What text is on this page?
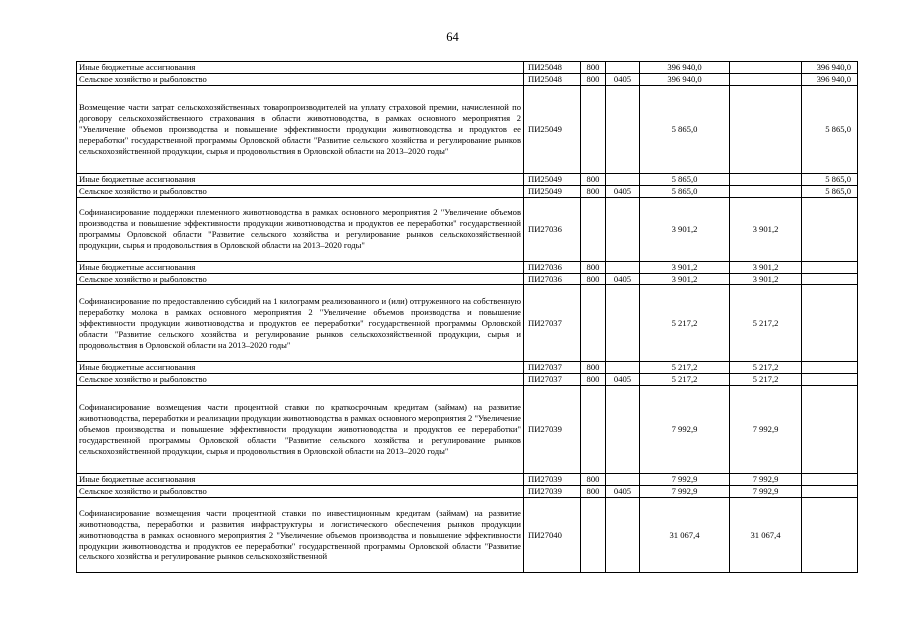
64
Иные бюджетные ассигнования	ПИ25048	800		396 940,0		396 940,0
Сельское хозяйство и рыболовство	ПИ25048	800	0405	396 940,0		396 940,0
Возмещение части затрат сельскохозяйственных товаропроизводителей на уплату страховой премии, начисленной по договору сельскохозяйственного страхования в области животноводства, в рамках основного мероприятия 2 "Увеличение объемов производства и повышение эффективности продукции животноводства и продуктов ее переработки" государственной программы Орловской области "Развитие сельского хозяйства и регулирование рынков сельскохозяйственной продукции, сырья и продовольствия в Орловской области на 2013–2020 годы"	ПИ25049			5 865,0		5 865,0
Иные бюджетные ассигнования	ПИ25049	800		5 865,0		5 865,0
Сельское хозяйство и рыболовство	ПИ25049	800	0405	5 865,0		5 865,0
Софинансирование поддержки племенного животноводства в рамках основного мероприятия 2 "Увеличение объемов производства и повышение эффективности продукции животноводства и продуктов ее переработки" государственной программы Орловской области "Развитие сельского хозяйства и регулирование рынков сельскохозяйственной продукции, сырья и продовольствия в Орловской области на 2013–2020 годы"	ПИ27036			3 901,2	3 901,2	
Иные бюджетные ассигнования	ПИ27036	800		3 901,2	3 901,2	
Сельское хозяйство и рыболовство	ПИ27036	800	0405	3 901,2	3 901,2	
Софинансирование по предоставлению субсидий на 1 килограмм реализованного и (или) отгруженного на собственную переработку молока в рамках основного мероприятия 2 "Увеличение объемов производства и повышение эффективности продукции животноводства и продуктов ее переработки" государственной программы Орловской области "Развитие сельского хозяйства и регулирование рынков сельскохозяйственной продукции, сырья и продовольствия в Орловской области на 2013–2020 годы"	ПИ27037			5 217,2	5 217,2	
Иные бюджетные ассигнования	ПИ27037	800		5 217,2	5 217,2	
Сельское хозяйство и рыболовство	ПИ27037	800	0405	5 217,2	5 217,2	
Софинансирование возмещения части процентной ставки по краткосрочным кредитам (займам) на развитие животноводства, переработки и реализации продукции животноводства в рамках основного мероприятия 2 "Увеличение объемов производства и повышение эффективности продукции животноводства и продуктов ее переработки" государственной программы Орловской области "Развитие сельского хозяйства и регулирование рынков сельскохозяйственной продукции, сырья и продовольствия в Орловской области на 2013–2020 годы"	ПИ27039			7 992,9	7 992,9	
Иные бюджетные ассигнования	ПИ27039	800		7 992,9	7 992,9	
Сельское хозяйство и рыболовство	ПИ27039	800	0405	7 992,9	7 992,9	
Софинансирование возмещения части процентной ставки по инвестиционным кредитам (займам) на развитие животноводства, переработки и развития инфраструктуры и логистического обеспечения рынков продукции животноводства в рамках основного мероприятия 2 "Увеличение объемов производства и повышение эффективности продукции животноводства и продуктов ее переработки" государственной программы Орловской области "Развитие сельского хозяйства и регулирование рынков сельскохозяйственной	ПИ27040			31 067,4	31 067,4	
